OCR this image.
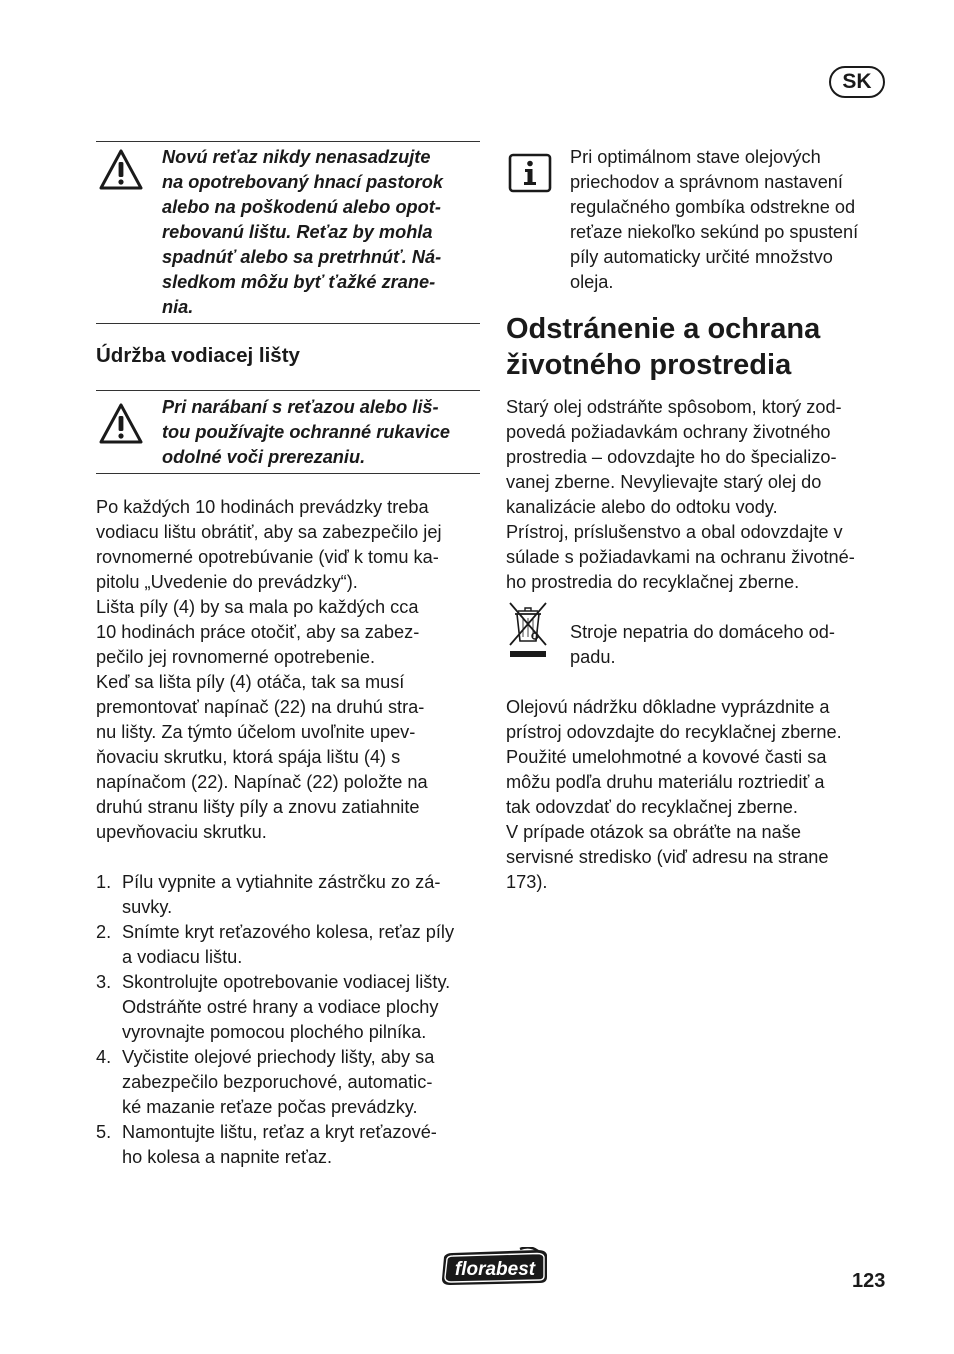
SK
Novú reťaz nikdy nenasadzujte
na opotrebovaný hnací pastorok
alebo na poškodenú alebo opot-
rebovanú lištu. Reťaz by mohla
spadnúť alebo sa pretrhnúť. Ná-
sledkom môžu byť ťažké zrane-
nia.
Údržba vodiacej lišty
Pri narábaní s reťazou alebo liš-
tou používajte ochranné rukavice
odolné voči prerezaniu.
Po každých 10 hodinách prevádzky treba
vodiacu lištu obrátiť, aby sa zabezpečilo jej
rovnomerné opotrebúvanie (viď k tomu ka-
pitolu „Uvedenie do prevádzky“).
Lišta píly (4) by sa mala po každých cca
10 hodinách práce otočiť, aby sa zabez-
pečilo jej rovnomerné opotrebenie.
Keď sa lišta píly (4) otáča, tak sa musí
premontovať napínač (22) na druhú stra-
nu lišty. Za týmto účelom uvoľnite upev-
ňovaciu skrutku, ktorá spája lištu (4) s
napínačom (22). Napínač (22) položte na
druhú stranu lišty píly a znovu zatiahnite
upevňovaciu skrutku.
1. Pílu vypnite a vytiahnite zástrčku zo zá-
suvky.
2. Snímte kryt reťazového kolesa, reťaz píly
a vodiacu lištu.
3. Skontrolujte opotrebovanie vodiacej lišty.
Odstráňte ostré hrany a vodiace plochy
vyrovnajte pomocou plochého pilníka.
4. Vyčistite olejové priechody lišty, aby sa
zabezpečilo bezporuchové, automatic-
ké mazanie reťaze počas prevádzky.
5. Namontujte lištu, reťaz a kryt reťazové-
ho kolesa a napnite reťaz.
Pri optimálnom stave olejových
priechodov a správnom nastavení
regulačného gombíka odstrekne od
reťaze niekoľko sekúnd po spustení
píly automaticky určité množstvo
oleja.
Odstránenie a ochrana
životného prostredia
Starý olej odstráňte spôsobom, ktorý zod-
povedá požiadavkám ochrany životného
prostredia – odovzdajte ho do špecializo-
vanej zberne. Nevylievajte starý olej do
kanalizácie alebo do odtoku vody.
Prístroj, príslušenstvo a obal odovzdajte v
súlade s požiadavkami na ochranu životné-
ho prostredia do recyklačnej zberne.
Stroje nepatria do domáceho od-
padu.
Olejovú nádržku dôkladne vyprázdnite a
prístroj odovzdajte do recyklačnej zberne.
Použité umelohmotné a kovové časti sa
môžu podľa druhu materiálu roztriediť a
tak odovzdať do recyklačnej zberne.
V prípade otázok sa obráťte na naše
servisné stredisko (viď adresu na strane
173).
florabest
123
